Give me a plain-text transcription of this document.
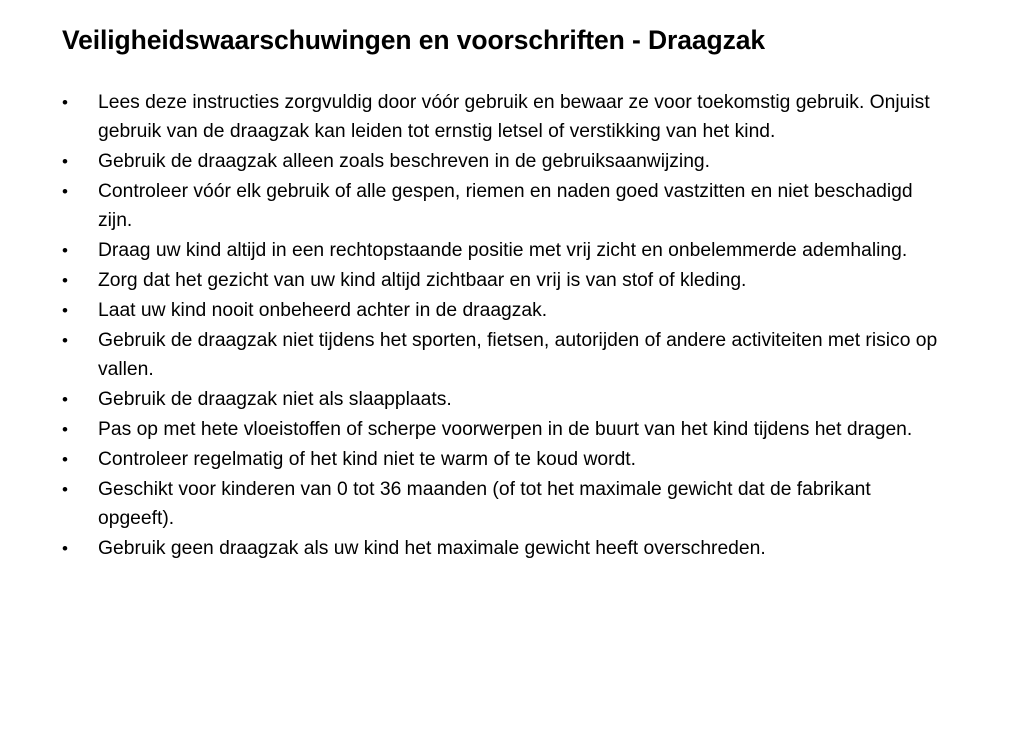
Veiligheidswaarschuwingen en voorschriften - Draagzak
•	Lees deze instructies zorgvuldig door vóór gebruik en bewaar ze voor toekomstig gebruik. Onjuist gebruik van de draagzak kan leiden tot ernstig letsel of verstikking van het kind.
•	Gebruik de draagzak alleen zoals beschreven in de gebruiksaanwijzing.
•	Controleer vóór elk gebruik of alle gespen, riemen en naden goed vastzitten en niet beschadigd zijn.
•	Draag uw kind altijd in een rechtopstaande positie met vrij zicht en onbelemmerde ademhaling.
•	Zorg dat het gezicht van uw kind altijd zichtbaar en vrij is van stof of kleding.
•	Laat uw kind nooit onbeheerd achter in de draagzak.
•	Gebruik de draagzak niet tijdens het sporten, fietsen, autorijden of andere activiteiten met risico op vallen.
•	Gebruik de draagzak niet als slaapplaats.
•	Pas op met hete vloeistoffen of scherpe voorwerpen in de buurt van het kind tijdens het dragen.
•	Controleer regelmatig of het kind niet te warm of te koud wordt.
•	Geschikt voor kinderen van 0 tot 36 maanden (of tot het maximale gewicht dat de fabrikant opgeeft).
•	Gebruik geen draagzak als uw kind het maximale gewicht heeft overschreden.
